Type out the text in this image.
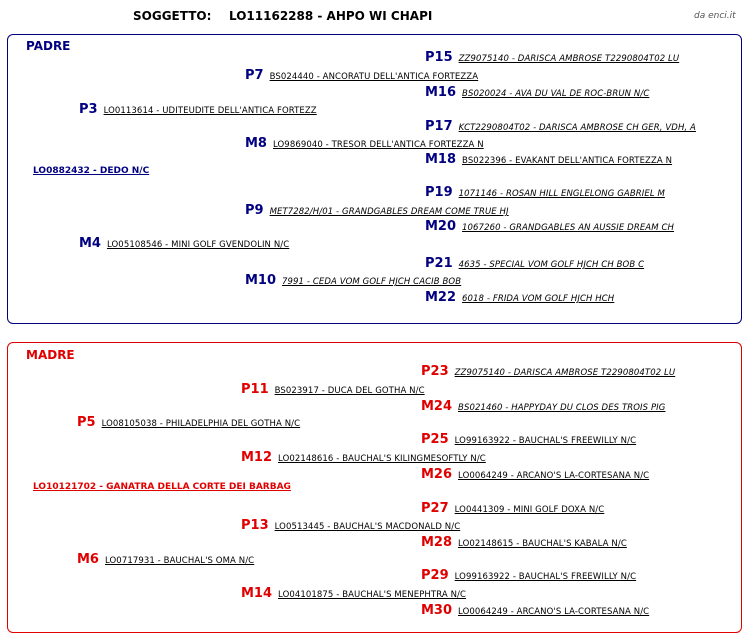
SOGGETTO: LO11162288 - AHPO WI CHAPI	da enci.it
PADRE
LO0882432 - DEDO N/C
P15 ZZ9075140 - DARISCA AMBROSE T2290804T02 LU
P7 BS024440 - ANCORATU DELL'ANTICA FORTEZZA
M16 BS020024 - AVA DU VAL DE ROC-BRUN N/C
P3 LO0113614 - UDITEUDITE DELL'ANTICA FORTEZZ
P17 KCT2290804T02 - DARISCA AMBROSE CH GER, VDH, A
M8 LO9869040 - TRESOR DELL'ANTICA FORTEZZA N
M18 BS022396 - EVAKANT DELL'ANTICA FORTEZZA N
P19 1071146 - ROSAN HILL ENGLELONG GABRIEL M
P9 MET7282/H/01 - GRANDGABLES DREAM COME TRUE HJ
M20 1067260 - GRANDGABLES AN AUSSIE DREAM CH
M4 LO05108546 - MINI GOLF GVENDOLIN N/C
P21 4635 - SPECIAL VOM GOLF HJCH CH BOB C
M10 7991 - CEDA VOM GOLF HJCH CACIB BOB
M22 6018 - FRIDA VOM GOLF HJCH HCH
MADRE
LO10121702 - GANATRA DELLA CORTE DEI BARBAG
P23 ZZ9075140 - DARISCA AMBROSE T2290804T02 LU
P11 BS023917 - DUCA DEL GOTHA N/C
M24 BS021460 - HAPPYDAY DU CLOS DES TROIS PIG
P5 LO08105038 - PHILADELPHIA DEL GOTHA N/C
P25 LO99163922 - BAUCHAL'S FREEWILLY N/C
M12 LO02148616 - BAUCHAL'S KILINGMESOFTLY N/C
M26 LO0064249 - ARCANO'S LA-CORTESANA N/C
P27 LO0441309 - MINI GOLF DOXA N/C
P13 LO0513445 - BAUCHAL'S MACDONALD N/C
M28 LO02148615 - BAUCHAL'S KABALA N/C
M6 LO0717931 - BAUCHAL'S OMA N/C
P29 LO99163922 - BAUCHAL'S FREEWILLY N/C
M14 LO04101875 - BAUCHAL'S MENEPHTRA N/C
M30 LO0064249 - ARCANO'S LA-CORTESANA N/C
